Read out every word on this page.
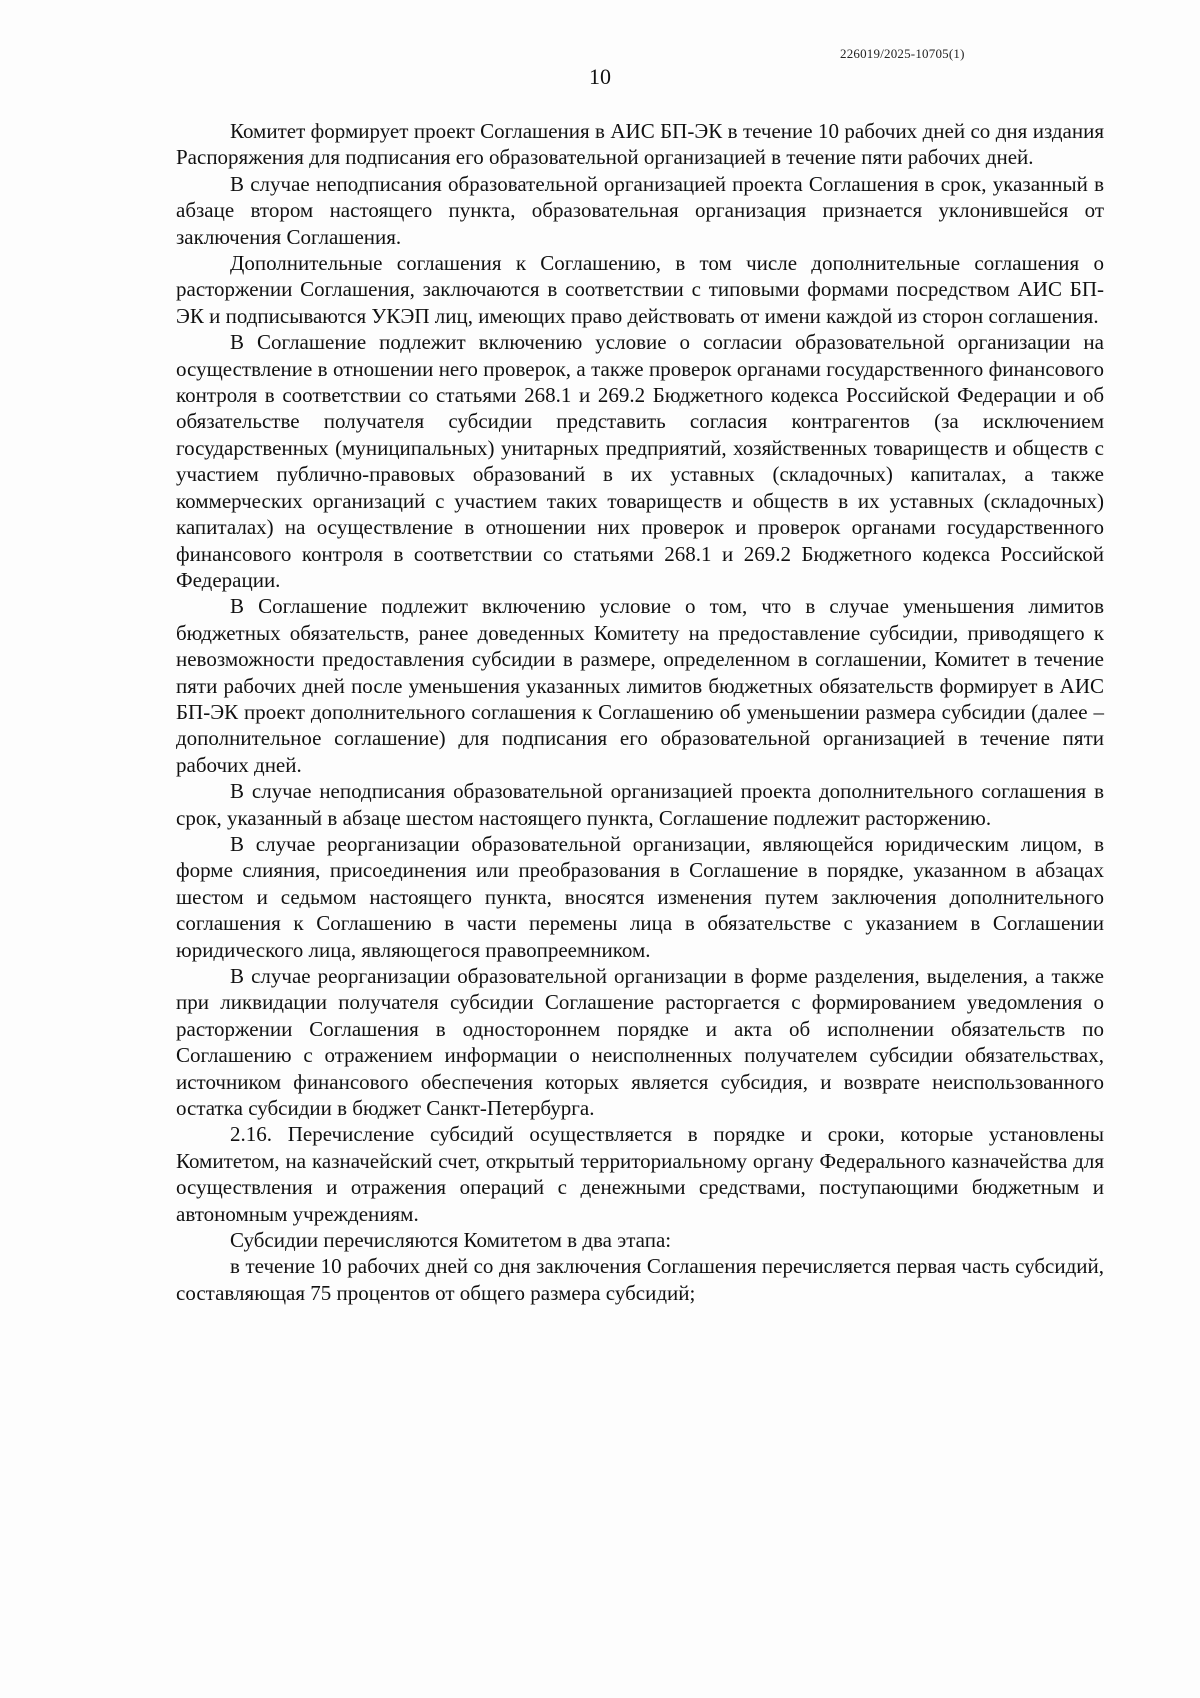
226019/2025-10705(1)
10

Комитет формирует проект Соглашения в АИС БП-ЭК в течение 10 рабочих дней со дня издания Распоряжения для подписания его образовательной организацией в течение пяти рабочих дней.

В случае неподписания образовательной организацией проекта Соглашения в срок, указанный в абзаце втором настоящего пункта, образовательная организация признается уклонившейся от заключения Соглашения.

Дополнительные соглашения к Соглашению, в том числе дополнительные соглашения о расторжении Соглашения, заключаются в соответствии с типовыми формами посредством АИС БП-ЭК и подписываются УКЭП лиц, имеющих право действовать от имени каждой из сторон соглашения.

В Соглашение подлежит включению условие о согласии образовательной организации на осуществление в отношении него проверок, а также проверок органами государственного финансового контроля в соответствии со статьями 268.1 и 269.2 Бюджетного кодекса Российской Федерации и об обязательстве получателя субсидии представить согласия контрагентов (за исключением государственных (муниципальных) унитарных предприятий, хозяйственных товариществ и обществ с участием публично-правовых образований в их уставных (складочных) капиталах, а также коммерческих организаций с участием таких товариществ и обществ в их уставных (складочных) капиталах) на осуществление в отношении них проверок и проверок органами государственного финансового контроля в соответствии со статьями 268.1 и 269.2 Бюджетного кодекса Российской Федерации.

В Соглашение подлежит включению условие о том, что в случае уменьшения лимитов бюджетных обязательств, ранее доведенных Комитету на предоставление субсидии, приводящего к невозможности предоставления субсидии в размере, определенном в соглашении, Комитет в течение пяти рабочих дней после уменьшения указанных лимитов бюджетных обязательств формирует в АИС БП-ЭК проект дополнительного соглашения к Соглашению об уменьшении размера субсидии (далее – дополнительное соглашение) для подписания его образовательной организацией в течение пяти рабочих дней.

В случае неподписания образовательной организацией проекта дополнительного соглашения в срок, указанный в абзаце шестом настоящего пункта, Соглашение подлежит расторжению.

В случае реорганизации образовательной организации, являющейся юридическим лицом, в форме слияния, присоединения или преобразования в Соглашение в порядке, указанном в абзацах шестом и седьмом настоящего пункта, вносятся изменения путем заключения дополнительного соглашения к Соглашению в части перемены лица в обязательстве с указанием в Соглашении юридического лица, являющегося правопреемником.

В случае реорганизации образовательной организации в форме разделения, выделения, а также при ликвидации получателя субсидии Соглашение расторгается с формированием уведомления о расторжении Соглашения в одностороннем порядке и акта об исполнении обязательств по Соглашению с отражением информации о неисполненных получателем субсидии обязательствах, источником финансового обеспечения которых является субсидия, и возврате неиспользованного остатка субсидии в бюджет Санкт-Петербурга.

2.16. Перечисление субсидий осуществляется в порядке и сроки, которые установлены Комитетом, на казначейский счет, открытый территориальному органу Федерального казначейства для осуществления и отражения операций с денежными средствами, поступающими бюджетным и автономным учреждениям.

Субсидии перечисляются Комитетом в два этапа:

в течение 10 рабочих дней со дня заключения Соглашения перечисляется первая часть субсидий, составляющая 75 процентов от общего размера субсидий;
